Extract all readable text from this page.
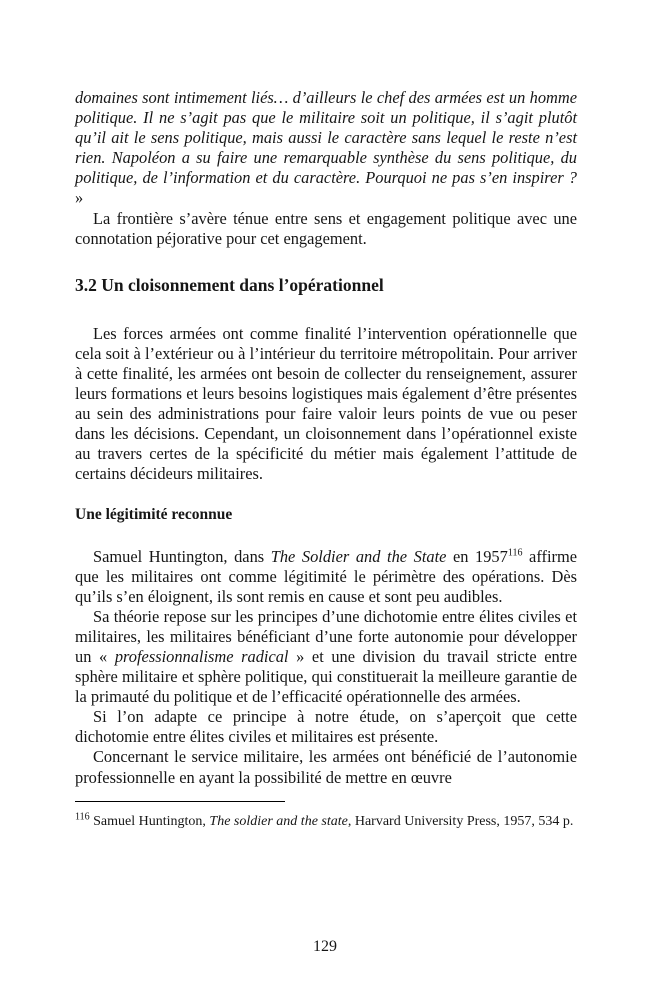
domaines sont intimement liés… d’ailleurs le chef des armées est un homme politique. Il ne s’agit pas que le militaire soit un politique, il s’agit plutôt qu’il ait le sens politique, mais aussi le caractère sans lequel le reste n’est rien. Napoléon a su faire une remarquable synthèse du sens politique, du politique, de l’information et du caractère. Pourquoi ne pas s’en inspirer ? »

La frontière s’avère ténue entre sens et engagement politique avec une connotation péjorative pour cet engagement.

3.2 Un cloisonnement dans l’opérationnel

Les forces armées ont comme finalité l’intervention opérationnelle que cela soit à l’extérieur ou à l’intérieur du territoire métropolitain. Pour arriver à cette finalité, les armées ont besoin de collecter du renseignement, assurer leurs formations et leurs besoins logistiques mais également d’être présentes au sein des administrations pour faire valoir leurs points de vue ou peser dans les décisions. Cependant, un cloisonnement dans l’opérationnel existe au travers certes de la spécificité du métier mais également l’attitude de certains décideurs militaires.

Une légitimité reconnue

Samuel Huntington, dans The Soldier and the State en 1957$^{116}$ affirme que les militaires ont comme légitimité le périmètre des opérations. Dès qu’ils s’en éloignent, ils sont remis en cause et sont peu audibles.

Sa théorie repose sur les principes d’une dichotomie entre élites civiles et militaires, les militaires bénéficiant d’une forte autonomie pour développer un « professionnalisme radical » et une division du travail stricte entre sphère militaire et sphère politique, qui constituerait la meilleure garantie de la primauté du politique et de l’efficacité opérationnelle des armées.

Si l’on adapte ce principe à notre étude, on s’aperçoit que cette dichotomie entre élites civiles et militaires est présente.

Concernant le service militaire, les armées ont bénéficié de l’autonomie professionnelle en ayant la possibilité de mettre en œuvre

$^{116}$ Samuel Huntington, The soldier and the state, Harvard University Press, 1957, 534 p.

129
